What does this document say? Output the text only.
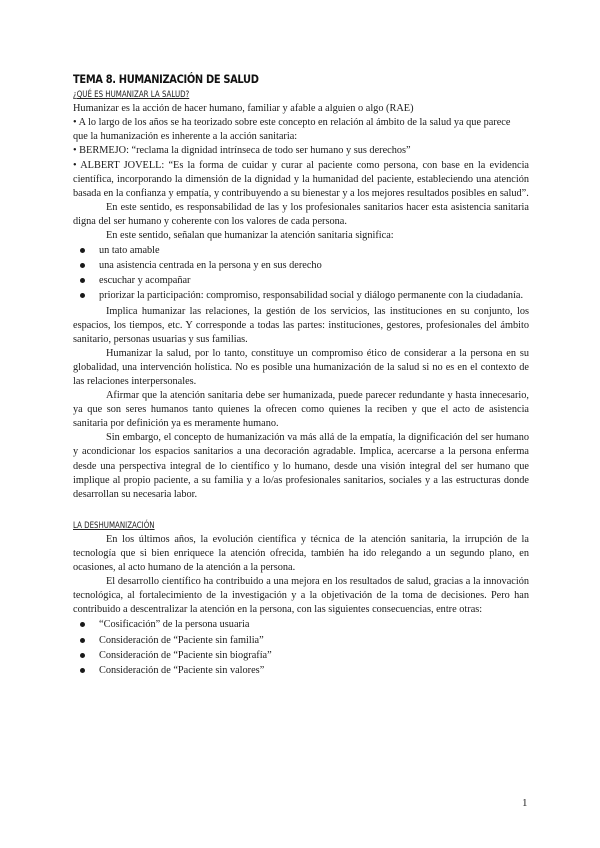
TEMA 8. HUMANIZACIÓN DE SALUD
¿QUÉ ES HUMANIZAR LA SALUD?

Humanizar es la acción de hacer humano, familiar y afable a alguien o algo (RAE)

• A lo largo de los años se ha teorizado sobre este concepto en relación al ámbito de la salud ya que parece

que la humanización es inherente a la acción sanitaria:

• BERMEJO: “reclama la dignidad intrínseca de todo ser humano y sus derechos”

• ALBERT JOVELL: “Es la forma de cuidar y curar al paciente como persona, con base en la evidencia científica, incorporando la dimensión de la dignidad y la humanidad del paciente, estableciendo una atención basada en la confianza y empatía, y contribuyendo a su bienestar y a los mejores resultados posibles en salud”.

En este sentido, es responsabilidad de las y los profesionales sanitarios hacer esta asistencia sanitaria digna del ser humano y coherente con los valores de cada persona.

En este sentido, señalan que humanizar la atención sanitaria significa:

un tato amable
una asistencia centrada en la persona y en sus derecho
escuchar y acompañar
priorizar la participación: compromiso, responsabilidad social y diálogo permanente con la ciudadanía.

Implica humanizar las relaciones, la gestión de los servicios, las instituciones en su conjunto, los espacios, los tiempos, etc. Y corresponde a todas las partes: instituciones, gestores, profesionales del ámbito sanitario, personas usuarias y sus familias.

Humanizar la salud, por lo tanto, constituye un compromiso ético de considerar a la persona en su globalidad, una intervención holística. No es posible una humanización de la salud si no es en el contexto de las relaciones interpersonales.

Afirmar que la atención sanitaria debe ser humanizada, puede parecer redundante y hasta innecesario, ya que son seres humanos tanto quienes la ofrecen como quienes la reciben y que el acto de asistencia sanitaria por definición ya es meramente humano.

Sin embargo, el concepto de humanización va más allá de la empatía, la dignificación del ser humano y acondicionar los espacios sanitarios a una decoración agradable. Implica, acercarse a la persona enferma desde una perspectiva integral de lo científico y lo humano, desde una visión integral del ser humano que implique al propio paciente, a su familia y a lo/as profesionales sanitarios, sociales y a las estructuras donde desarrollan su necesaria labor.

LA DESHUMANIZACIÓN

En los últimos años, la evolución científica y técnica de la atención sanitaria, la irrupción de la tecnología que si bien enriquece la atención ofrecida, también ha ido relegando a un segundo plano, en ocasiones, al acto humano de la atención a la persona.

El desarrollo científico ha contribuido a una mejora en los resultados de salud, gracias a la innovación tecnológica, al fortalecimiento de la investigación y a la objetivación de la toma de decisiones. Pero han contribuido a descentralizar la atención en la persona, con las siguientes consecuencias, entre otras:

“Cosificación” de la persona usuaria
Consideración de “Paciente sin familia”
Consideración de “Paciente sin biografía”
Consideración de “Paciente sin valores”
1
